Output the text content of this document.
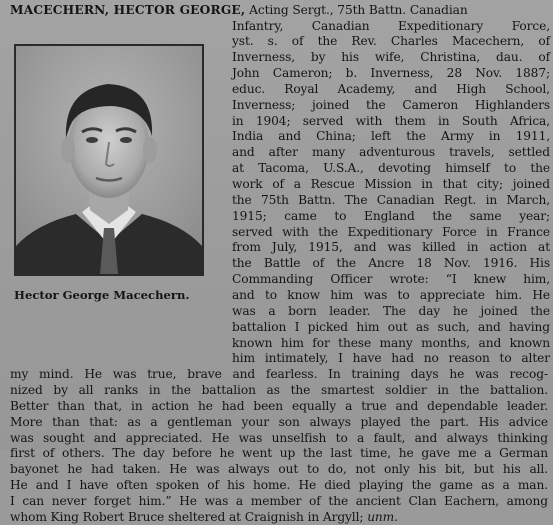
MACECHERN, HECTOR GEORGE, Acting Sergt., 75th Battn. Canadian
Hector George Macechern.
Infantry, Canadian Expeditionary Force,
yst. s. of the Rev. Charles Macechern, of
Inverness, by his wife, Christina, dau. of
John Cameron; b. Inverness, 28 Nov. 1887;
educ. Royal Academy, and High School,
Inverness; joined the Cameron Highlanders
in 1904; served with them in South Africa,
India and China; left the Army in 1911,
and after many adventurous travels, settled
at Tacoma, U.S.A., devoting himself to the
work of a Rescue Mission in that city; joined
the 75th Battn. The Canadian Regt. in March,
1915; came to England the same year;
served with the Expeditionary Force in France
from July, 1915, and was killed in action at
the Battle of the Ancre 18 Nov. 1916. His
Commanding Officer wrote: “I knew him,
and to know him was to appreciate him. He
was a born leader. The day he joined the
battalion I picked him out as such, and having
known him for these many months, and known
him intimately, I have had no reason to alter
my mind. He was true, brave and fearless. In training days he was recog-
nized by all ranks in the battalion as the smartest soldier in the battalion.
Better than that, in action he had been equally a true and dependable leader.
More than that: as a gentleman your son always played the part. His advice
was sought and appreciated. He was unselfish to a fault, and always thinking
first of others. The day before he went up the last time, he gave me a German
bayonet he had taken. He was always out to do, not only his bit, but his all.
He and I have often spoken of his home. He died playing the game as a man.
I can never forget him.” He was a member of the ancient Clan Eachern, among
whom King Robert Bruce sheltered at Craignish in Argyll; unm.
